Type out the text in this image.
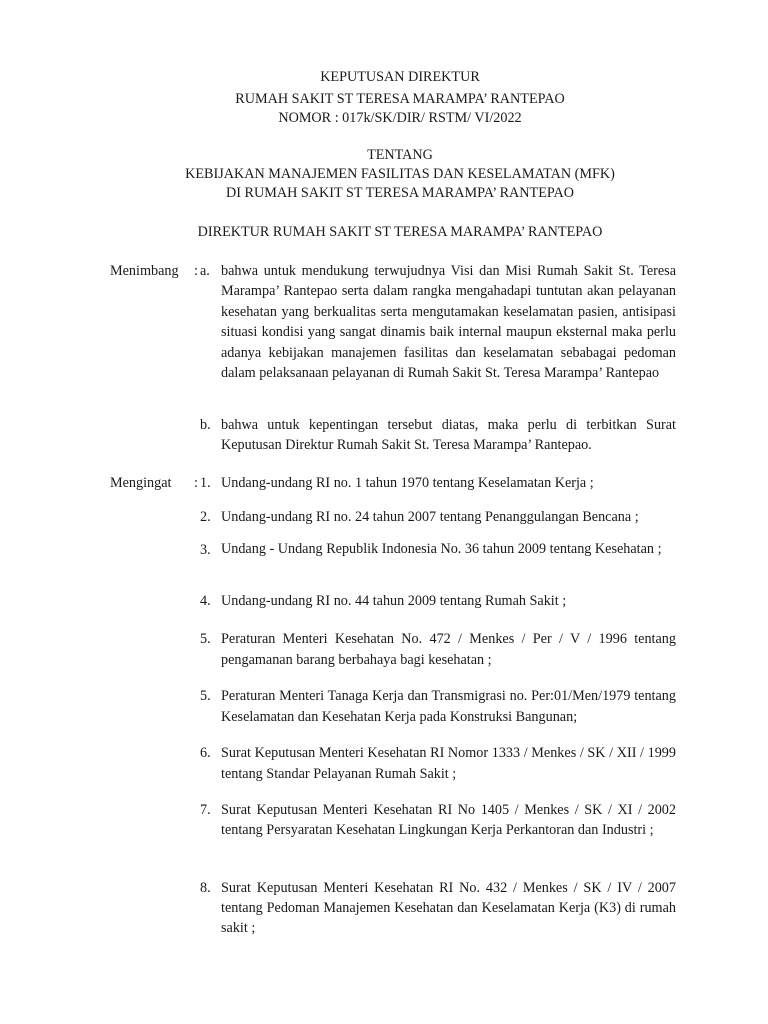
KEPUTUSAN DIREKTUR
RUMAH SAKIT ST TERESA MARAMPA’ RANTEPAO
NOMOR : 017k/SK/DIR/ RSTM/ VI/2022
TENTANG
KEBIJAKAN MANAJEMEN FASILITAS DAN KESELAMATAN (MFK)
DI RUMAH SAKIT ST TERESA MARAMPA’ RANTEPAO
DIREKTUR RUMAH SAKIT ST TERESA MARAMPA’ RANTEPAO
Menimbang : a. bahwa untuk mendukung terwujudnya Visi dan Misi Rumah Sakit St. Teresa Marampa’ Rantepao serta dalam rangka mengahadapi tuntutan akan pelayanan kesehatan yang berkualitas serta mengutamakan keselamatan pasien, antisipasi situasi kondisi yang sangat dinamis baik internal maupun eksternal maka perlu adanya kebijakan manajemen fasilitas dan keselamatan sebabagai pedoman dalam pelaksanaan pelayanan di Rumah Sakit St. Teresa Marampa’ Rantepao

b. bahwa untuk kepentingan tersebut diatas, maka perlu di terbitkan Surat Keputusan Direktur Rumah Sakit St. Teresa Marampa’ Rantepao.

Mengingat : 1. Undang-undang RI no. 1 tahun 1970 tentang Keselamatan Kerja ;

2. Undang-undang RI no. 24 tahun 2007 tentang Penanggulangan Bencana ;

3. Undang - Undang Republik Indonesia No. 36 tahun 2009 tentang Kesehatan ;

4. Undang-undang RI no. 44 tahun 2009 tentang Rumah Sakit ;

5. Peraturan Menteri Kesehatan No. 472 / Menkes / Per / V / 1996 tentang pengamanan barang berbahaya bagi kesehatan ;

5. Peraturan Menteri Tanaga Kerja dan Transmigrasi no. Per:01/Men/1979 tentang Keselamatan dan Kesehatan Kerja pada Konstruksi Bangunan;

6. Surat Keputusan Menteri Kesehatan RI Nomor 1333 / Menkes / SK / XII / 1999 tentang Standar Pelayanan Rumah Sakit ;

7. Surat Keputusan Menteri Kesehatan RI No 1405 / Menkes / SK / XI / 2002 tentang Persyaratan Kesehatan Lingkungan Kerja Perkantoran dan Industri ;

8. Surat Keputusan Menteri Kesehatan RI No. 432 / Menkes / SK / IV / 2007 tentang Pedoman Manajemen Kesehatan dan Keselamatan Kerja (K3) di rumah sakit ;
